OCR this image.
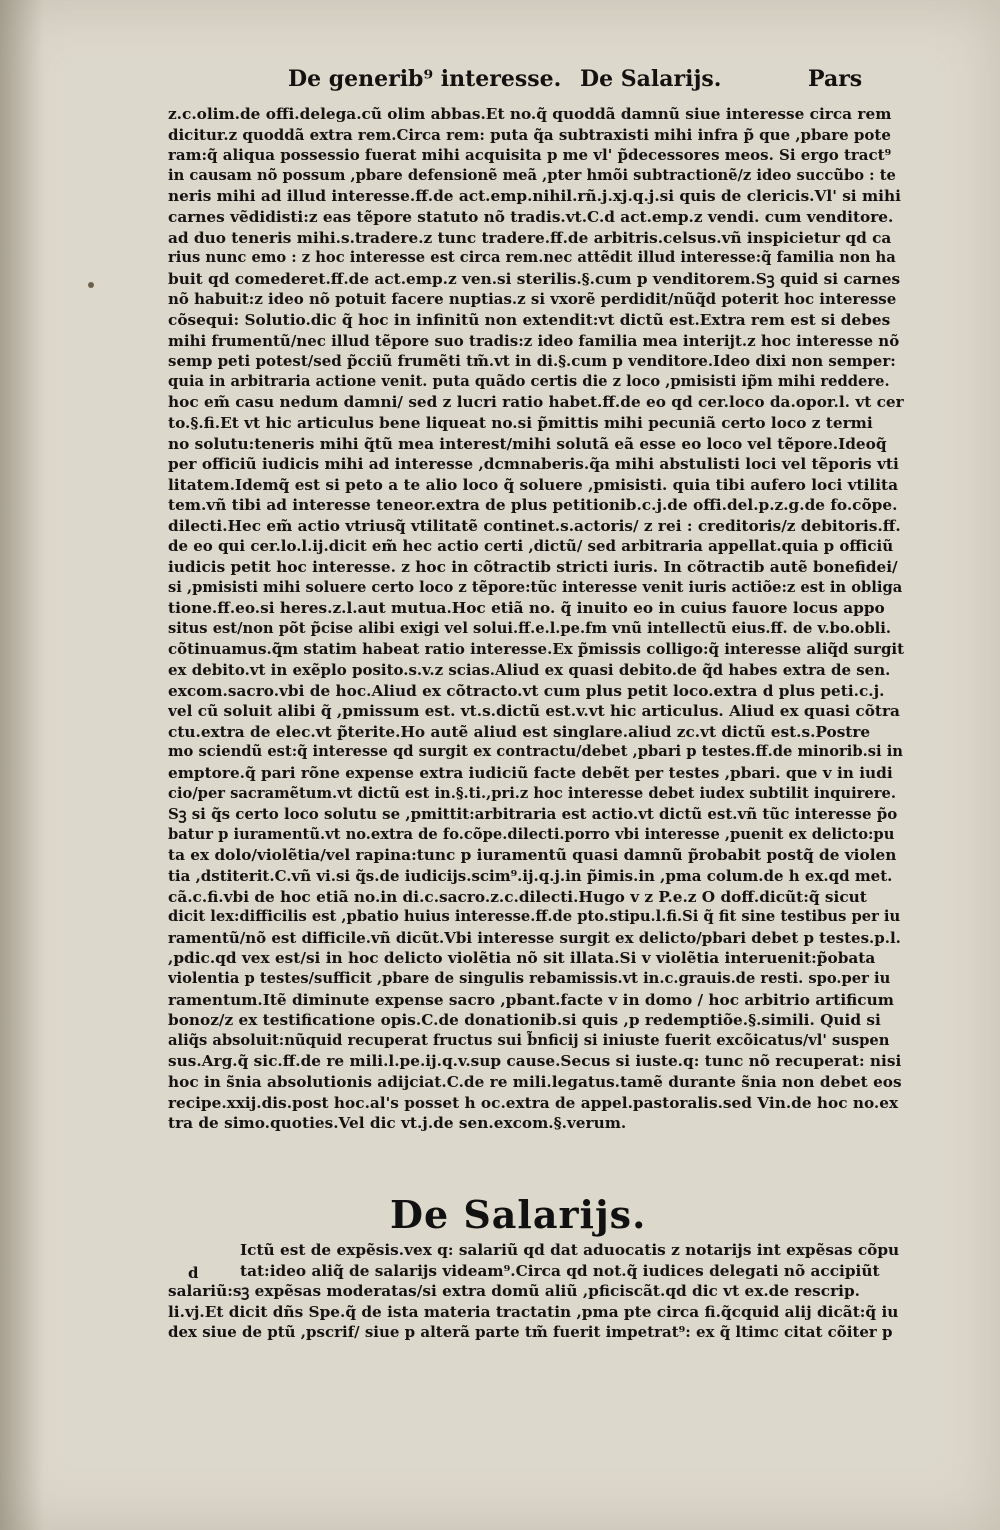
De generib⁹ interesse. De Salarijs.	Pars
z.c.olim.de offi.delega.cũ olim abbas.Et no.q̃ quoddã damnũ siue interesse circa rem
dicitur.z quoddã extra rem.Circa rem: puta q̃a subtraxisti mihi infra p̃ que ,pbare pote
ram:q̃ aliqua possessio fuerat mihi acquisita p me vl' p̃decessores meos. Si ergo tract⁹
in causam nõ possum ,pbare defensionẽ meã ,pter hmõi subtractionẽ/z ideo succũbo : te
neris mihi ad illud interesse.ff.de act.emp.nihil.rñ.j.xj.q.j.si quis de clericis.Vl' si mihi
carnes vẽdidisti:z eas tẽpore statuto nõ tradis.vt.C.d act.emp.z vendi. cum venditore.
ad duo teneris mihi.s.tradere.z tunc tradere.ff.de arbitris.celsus.vñ inspicietur qd ca
rius nunc emo : z hoc interesse est circa rem.nec attẽdit illud interesse:q̃ familia non ha
buit qd comederet.ff.de act.emp.z ven.si sterilis.§.cum p venditorem.Sꝫ quid si carnes
nõ habuit:z ideo nõ potuit facere nuptias.z si vxorẽ perdidit/nũq̃d poterit hoc interesse
cõsequi: Solutio.dic q̃ hoc in infinitũ non extendit:vt dictũ est.Extra rem est si debes
mihi frumentũ/nec illud tẽpore suo tradis:z ideo familia mea interijt.z hoc interesse nõ
semp peti potest/sed p̃cciũ frumẽti tm̃.vt in di.§.cum p venditore.Ideo dixi non semper:
quia in arbitraria actione venit. puta quãdo certis die z loco ,pmisisti ip̃m mihi reddere.
hoc em̃ casu nedum damni/ sed z lucri ratio habet.ff.de eo qd cer.loco da.opor.l. vt cer
to.§.fi.Et vt hic articulus bene liqueat no.si p̃mittis mihi pecuniã certo loco z termi
no solutu:teneris mihi q̃tũ mea interest/mihi solutã eã esse eo loco vel tẽpore.Ideoq̃
per officiũ iudicis mihi ad interesse ,dcmnaberis.q̃a mihi abstulisti loci vel tẽporis vti
litatem.Idemq̃ est si peto a te alio loco q̃ soluere ,pmisisti. quia tibi aufero loci vtilita
tem.vñ tibi ad interesse teneor.extra de plus petitionib.c.j.de offi.del.p.z.g.de fo.cõpe.
dilecti.Hec em̃ actio vtriusq̃ vtilitatẽ continet.s.actoris/ z rei : creditoris/z debitoris.ff.
de eo qui cer.lo.l.ij.dicit em̃ hec actio certi ,dictũ/ sed arbitraria appellat.quia p officiũ
iudicis petit hoc interesse. z hoc in cõtractib stricti iuris. In cõtractib autẽ bonefidei/
si ,pmisisti mihi soluere certo loco z tẽpore:tũc interesse venit iuris actiõe:z est in obliga
tione.ff.eo.si heres.z.l.aut mutua.Hoc etiã no. q̃ inuito eo in cuius fauore locus appo
situs est/non põt p̃cise alibi exigi vel solui.ff.e.l.pe.fm vnũ intellectũ eius.ff. de v.bo.obli.
cõtinuamus.q̃m statim habeat ratio interesse.Ex p̃missis colligo:q̃ interesse aliq̃d surgit
ex debito.vt in exẽplo posito.s.v.z scias.Aliud ex quasi debito.de q̃d habes extra de sen.
excom.sacro.vbi de hoc.Aliud ex cõtracto.vt cum plus petit loco.extra d plus peti.c.j.
vel cũ soluit alibi q̃ ,pmissum est. vt.s.dictũ est.v.vt hic articulus. Aliud ex quasi cõtra
ctu.extra de elec.vt p̃terite.Ho autẽ aliud est singlare.aliud zc.vt dictũ est.s.Postre
mo sciendũ est:q̃ interesse qd surgit ex contractu/debet ,pbari p testes.ff.de minorib.si in
emptore.q̃ pari rõne expense extra iudiciũ facte debẽt per testes ,pbari. que v in iudi
cio/per sacramẽtum.vt dictũ est in.§.ti.,pri.z hoc interesse debet iudex subtilit inquirere.
Sꝫ si q̃s certo loco solutu se ,pmittit:arbitraria est actio.vt dictũ est.vñ tũc interesse p̃o
batur p iuramentũ.vt no.extra de fo.cõpe.dilecti.porro vbi interesse ,puenit ex delicto:pu
ta ex dolo/violẽtia/vel rapina:tunc p iuramentũ quasi damnũ p̃robabit postq̃ de violen
tia ,dstiterit.C.vñ vi.si q̃s.de iudicijs.scim⁹.ij.q.j.in p̃imis.in ,pma colum.de h ex.qd met.
cã.c.fi.vbi de hoc etiã no.in di.c.sacro.z.c.dilecti.Hugo v z P.e.z O doff.dicũt:q̃ sicut
dicit lex:difficilis est ,pbatio huius interesse.ff.de pto.stipu.l.fi.Si q̃ fit sine testibus per iu
ramentũ/nõ est difficile.vñ dicũt.Vbi interesse surgit ex delicto/pbari debet p testes.p.l.
,pdic.qd vex est/si in hoc delicto violẽtia nõ sit illata.Si v violẽtia interuenit:p̃obata
violentia p testes/sufficit ,pbare de singulis rebamissis.vt in.c.grauis.de resti. spo.per iu
ramentum.Itẽ diminute expense sacro ,pbant.facte v in domo / hoc arbitrio artificum
bonoz/z ex testificatione opis.C.de donationib.si quis ,p redemptiõe.§.simili. Quid si
aliq̃s absoluit:nũquid recuperat fructus sui b̃nficij si iniuste fuerit excõicatus/vl' suspen
sus.Arg.q̃ sic.ff.de re mili.l.pe.ij.q.v.sup cause.Secus si iuste.q: tunc nõ recuperat: nisi
hoc in s̃nia absolutionis adijciat.C.de re mili.legatus.tamẽ durante s̃nia non debet eos
recipe.xxij.dis.post hoc.al's posset h oc.extra de appel.pastoralis.sed Vin.de hoc no.ex
tra de simo.quoties.Vel dic vt.j.de sen.excom.§.verum.
De Salarijs.
d
Ictũ est de expẽsis.vex q: salariũ qd dat aduocatis z notarijs int expẽsas cõpu
tat:ideo aliq̃ de salarijs videam⁹.Circa qd not.q̃ iudices delegati nõ accipiũt
salariũ:sꝫ expẽsas moderatas/si extra domũ aliũ ,pficiscãt.qd dic vt ex.de rescrip.
li.vj.Et dicit dñs Spe.q̃ de ista materia tractatin ,pma pte circa fi.q̃cquid alij dicãt:q̃ iu
dex siue de ptũ ,pscrif/ siue p alterã parte tm̃ fuerit impetrat⁹: ex q̃ ltimc citat cõiter p
